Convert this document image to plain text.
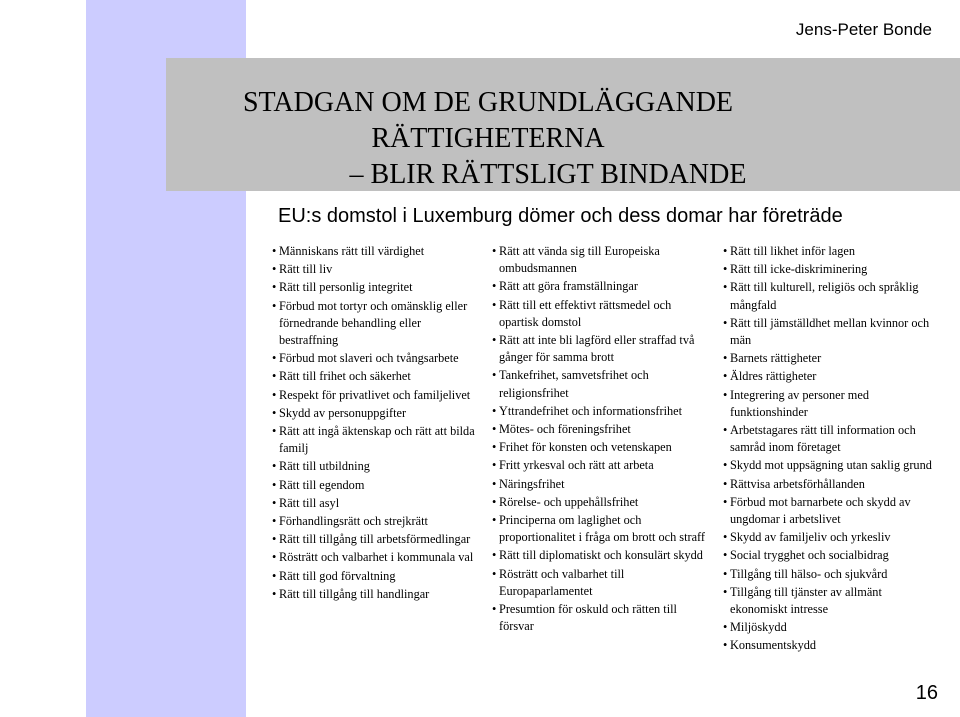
Jens-Peter Bonde
STADGAN OM DE GRUNDLÄGGANDE RÄTTIGHETERNA
– BLIR RÄTTSLIGT BINDANDE
EU:s domstol i Luxemburg dömer och dess domar har företräde
• Människans rätt till värdighet
• Rätt till liv
• Rätt till personlig integritet
• Förbud mot tortyr och omänsklig eller förnedrande behandling eller bestraffning
• Förbud mot slaveri och tvångsarbete
• Rätt till frihet och säkerhet
• Respekt för privatlivet och familjelivet
• Skydd av personuppgifter
• Rätt att ingå äktenskap och rätt att bilda familj
• Rätt till utbildning
• Rätt till egendom
• Rätt till asyl
• Förhandlingsrätt och strejkrätt
• Rätt till tillgång till arbetsförmedlingar
• Rösträtt och valbarhet i kommunala val
• Rätt till god förvaltning
• Rätt till tillgång till handlingar
• Rätt att vända sig till Europeiska ombudsmannen
• Rätt att göra framställningar
• Rätt till ett effektivt rättsmedel och opartisk domstol
• Rätt att inte bli lagförd eller straffad två gånger för samma brott
• Tankefrihet, samvetsfrihet och religionsfrihet
• Yttrandefrihet och informationsfrihet
• Mötes- och föreningsfrihet
• Frihet för konsten och vetenskapen
• Fritt yrkesval och rätt att arbeta
• Näringsfrihet
• Rörelse- och uppehållsfrihet
• Principerna om laglighet och proportionalitet i fråga om brott och straff
• Rätt till diplomatiskt och konsulärt skydd
• Rösträtt och valbarhet till Europaparlamentet
• Presumtion för oskuld och rätten till försvar
• Rätt till likhet inför lagen
• Rätt till icke-diskriminering
• Rätt till kulturell, religiös och språklig mångfald
• Rätt till jämställdhet mellan kvinnor och män
• Barnets rättigheter
• Äldres rättigheter
• Integrering av personer med funktionshinder
• Arbetstagares rätt till information och samråd inom företaget
• Skydd mot uppsägning utan saklig grund
• Rättvisa arbetsförhållanden
• Förbud mot barnarbete och skydd av ungdomar i arbetslivet
• Skydd av familjeliv och yrkesliv
• Social trygghet och socialbidrag
• Tillgång till hälso- och sjukvård
• Tillgång till tjänster av allmänt ekonomiskt intresse
• Miljöskydd
• Konsumentskydd
16
